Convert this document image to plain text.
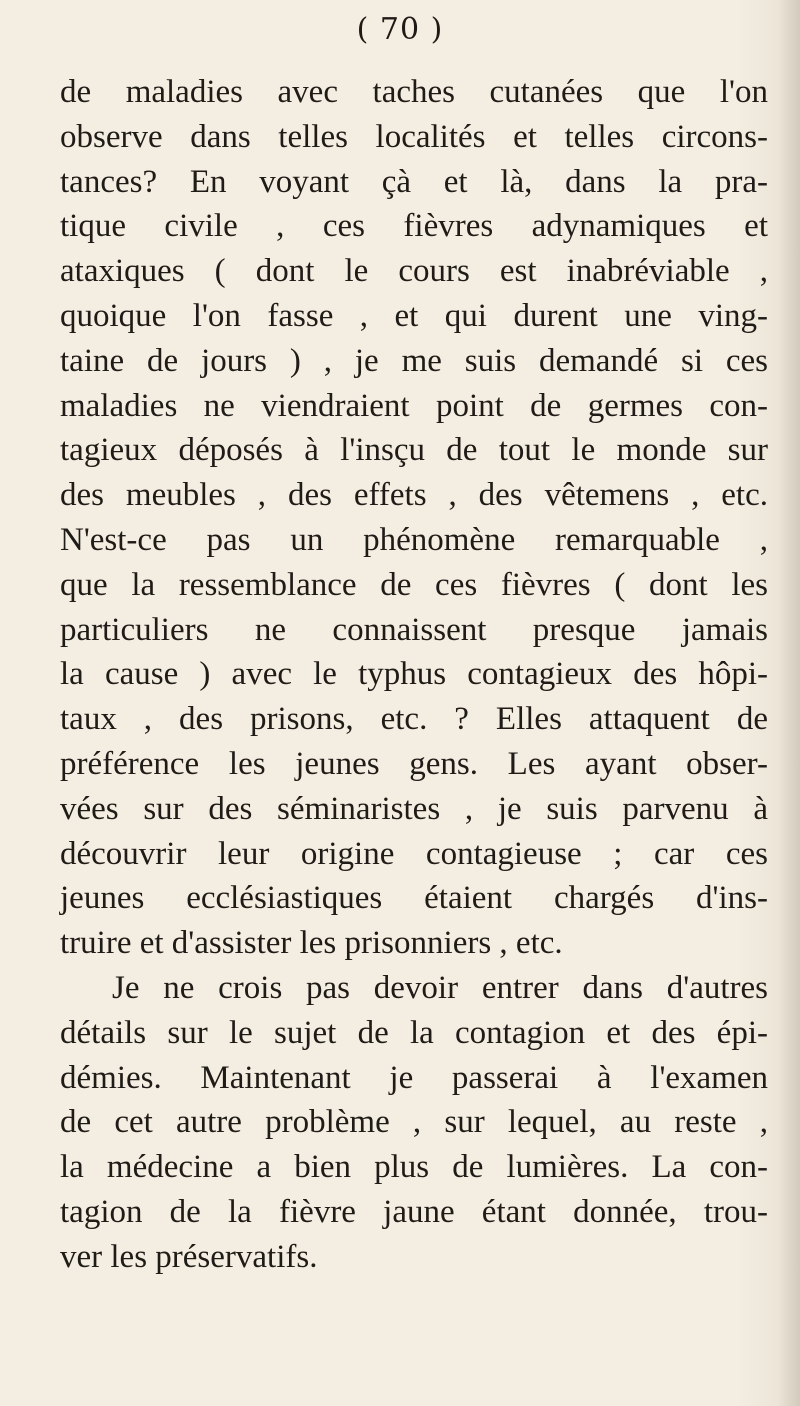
( 70 )
de maladies avec taches cutanées que l'on
observe dans telles localités et telles circons-
tances? En voyant çà et là, dans la pra-
tique civile , ces fièvres adynamiques et
ataxiques ( dont le cours est inabréviable ,
quoique l'on fasse , et qui durent une ving-
taine de jours ) , je me suis demandé si ces
maladies ne viendraient point de germes con-
tagieux déposés à l'insçu de tout le monde sur
des meubles , des effets , des vêtemens , etc.
N'est-ce pas un phénomène remarquable ,
que la ressemblance de ces fièvres ( dont les
particuliers ne connaissent presque jamais
la cause ) avec le typhus contagieux des hôpi-
taux , des prisons, etc. ? Elles attaquent de
préférence les jeunes gens. Les ayant obser-
vées sur des séminaristes , je suis parvenu à
découvrir leur origine contagieuse ; car ces
jeunes ecclésiastiques étaient chargés d'ins-
truire et d'assister les prisonniers , etc.
Je ne crois pas devoir entrer dans d'autres
détails sur le sujet de la contagion et des épi-
démies. Maintenant je passerai à l'examen
de cet autre problème , sur lequel, au reste ,
la médecine a bien plus de lumières. La con-
tagion de la fièvre jaune étant donnée, trou-
ver les préservatifs.
